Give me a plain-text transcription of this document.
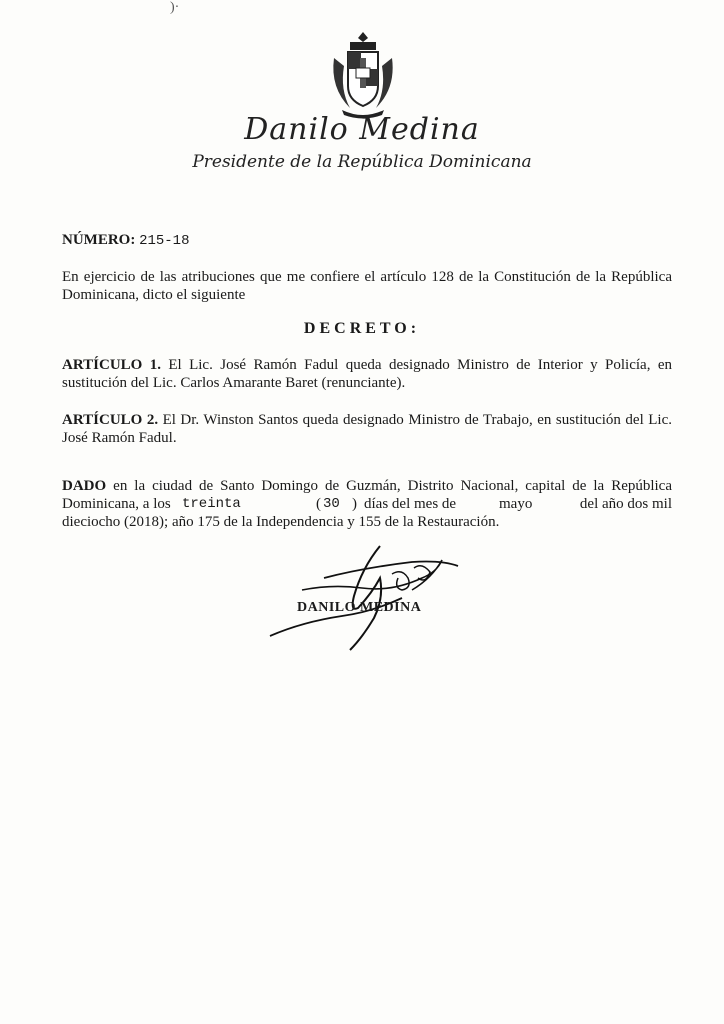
)·
Danilo Medina
Presidente de la República Dominicana
NÚMERO: 215-18
En ejercicio de las atribuciones que me confiere el artículo 128 de la Constitución de la República Dominicana, dicto el siguiente
DECRETO:
ARTÍCULO 1. El Lic. José Ramón Fadul queda designado Ministro de Interior y Policía, en sustitución del Lic. Carlos Amarante Baret (renunciante).
ARTÍCULO 2. El Dr. Winston Santos queda designado Ministro de Trabajo, en sustitución del Lic. José Ramón Fadul.
DADO en la ciudad de Santo Domingo de Guzmán, Distrito Nacional, capital de la República
Dominicana, a los treinta	( 30 ) días del mes de	mayo	del año dos mil
dieciocho (2018); año 175 de la Independencia y 155 de la Restauración.
DANILO MEDINA
